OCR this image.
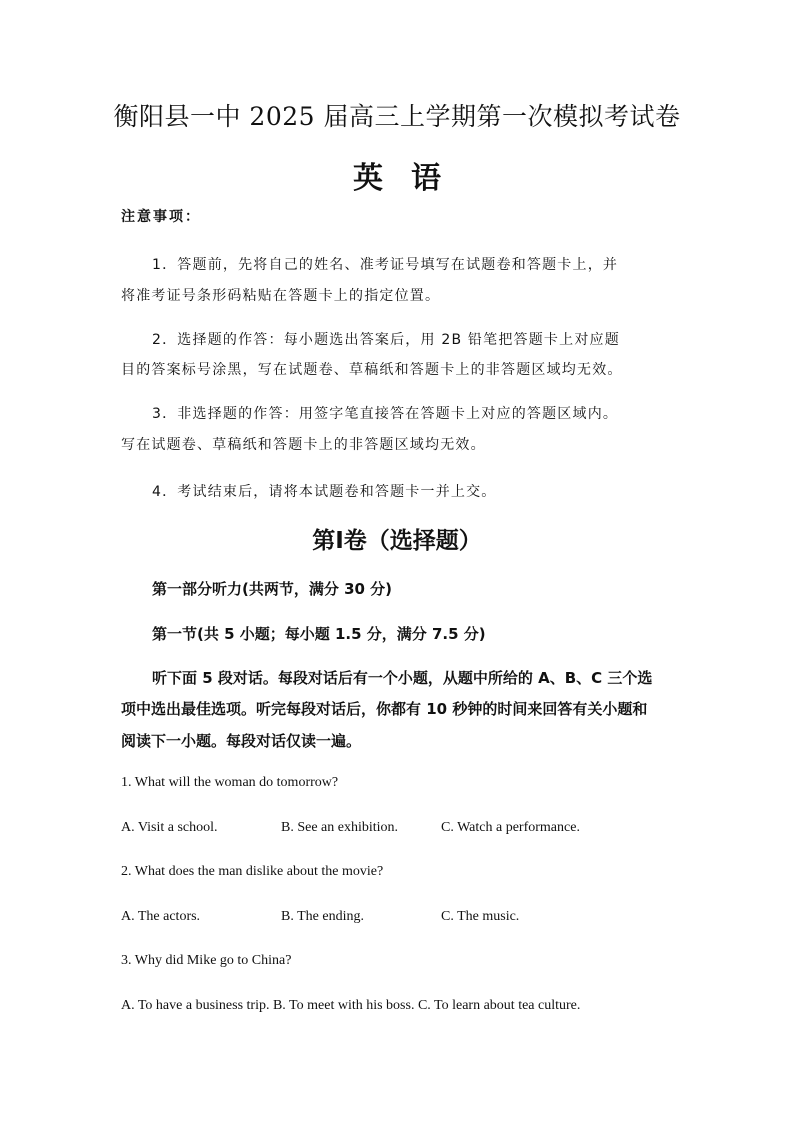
衡阳县一中 2025 届高三上学期第一次模拟考试卷
英语
注意事项：
1．答题前，先将自己的姓名、准考证号填写在试题卷和答题卡上，并
将准考证号条形码粘贴在答题卡上的指定位置。
2．选择题的作答：每小题选出答案后，用 2B 铅笔把答题卡上对应题
目的答案标号涂黑，写在试题卷、草稿纸和答题卡上的非答题区域均无效。
3．非选择题的作答：用签字笔直接答在答题卡上对应的答题区域内。
写在试题卷、草稿纸和答题卡上的非答题区域均无效。
4．考试结束后，请将本试题卷和答题卡一并上交。
第Ⅰ卷（选择题）
第一部分听力(共两节，满分 30 分)
第一节(共 5 小题；每小题 1.5 分，满分 7.5 分)
听下面 5 段对话。每段对话后有一个小题，从题中所给的 A、B、C 三个选
项中选出最佳选项。听完每段对话后，你都有 10 秒钟的时间来回答有关小题和
阅读下一小题。每段对话仅读一遍。
1. What will the woman do tomorrow?
A. Visit a school.	B. See an exhibition.	C. Watch a performance.
2. What does the man dislike about the movie?
A. The actors.	B. The ending.	C. The music.
3. Why did Mike go to China?
A. To have a business trip. B. To meet with his boss. C. To learn about tea culture.
